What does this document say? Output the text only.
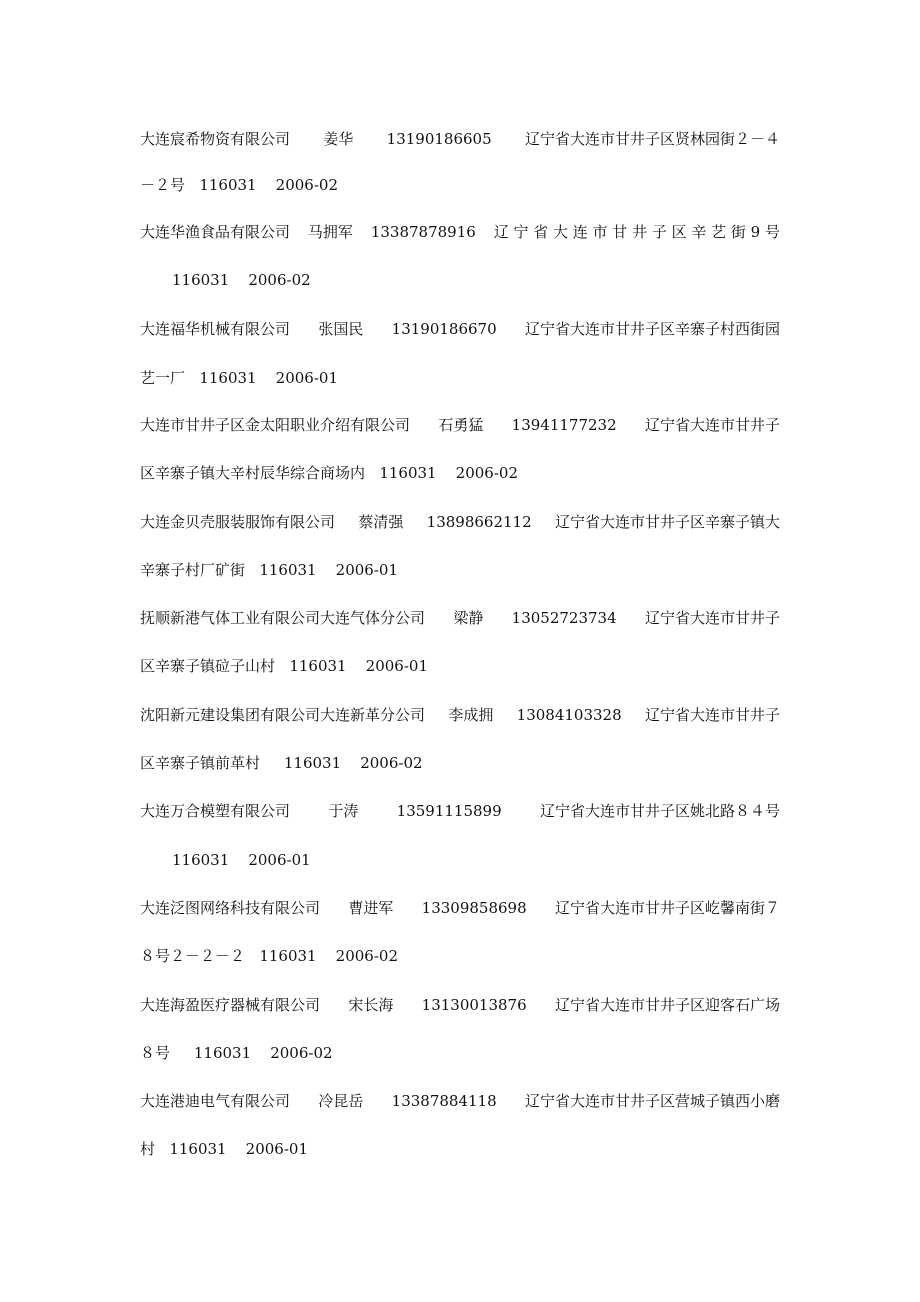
大连宸希物资有限公司 姜华 13190186605 辽宁省大连市甘井子区贤林园街２－４
－２号 116031 2006-02
大连华渔食品有限公司 马拥军 13387878916 辽 宁 省 大 连 市 甘 井 子 区 辛 艺 街 9 号
116031 2006-02
大连福华机械有限公司 张国民 13190186670 辽宁省大连市甘井子区辛寨子村西街园
艺一厂 116031 2006-01
大连市甘井子区金太阳职业介绍有限公司 石勇猛 13941177232 辽宁省大连市甘井子
区辛寨子镇大辛村辰华综合商场内 116031 2006-02
大连金贝壳服装服饰有限公司 蔡清强 13898662112 辽宁省大连市甘井子区辛寨子镇大
辛寨子村厂矿街 116031 2006-01
抚顺新港气体工业有限公司大连气体分公司 梁静 13052723734 辽宁省大连市甘井子
区辛寨子镇砬子山村 116031 2006-01
沈阳新元建设集团有限公司大连新革分公司 李成拥 13084103328 辽宁省大连市甘井子
区辛寨子镇前革村 116031 2006-02
大连万合模塑有限公司	于涛	13591115899	辽宁省大连市甘井子区姚北路８４号
116031 2006-01
大连泛图网络科技有限公司 曹进军 13309858698 辽宁省大连市甘井子区屹馨南街７
８号２－２－２ 116031 2006-02
大连海盈医疗器械有限公司 宋长海 13130013876 辽宁省大连市甘井子区迎客石广场
８号 116031 2006-02
大连港迪电气有限公司 冷昆岳 13387884118 辽宁省大连市甘井子区营城子镇西小磨
村 116031 2006-01
